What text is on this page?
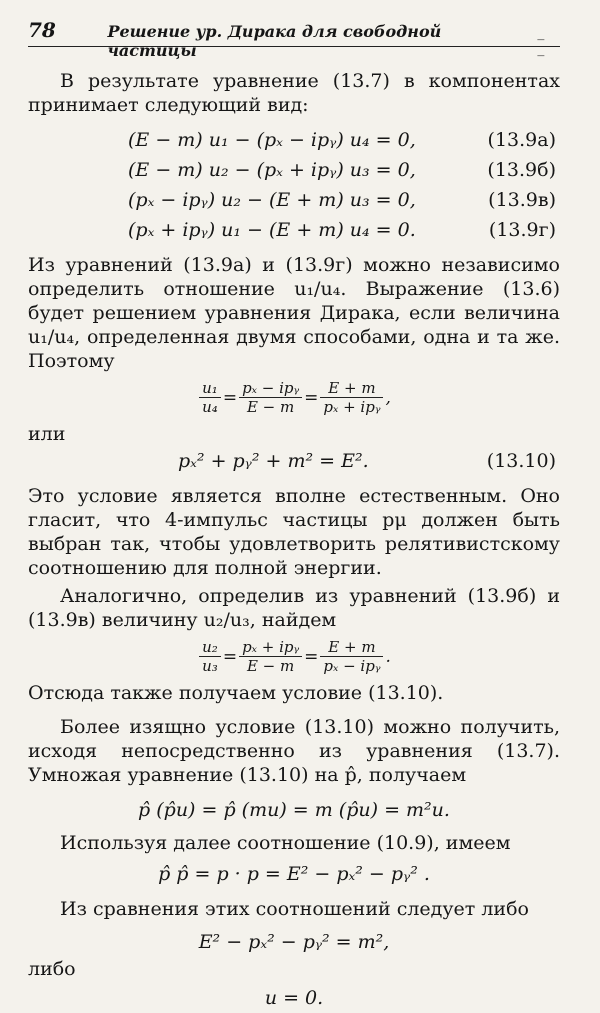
78	Решение ур. Дирака для свободной частицы
_ _

В результате уравнение (13.7) в компонентах принимает следующий вид:

(E − m) u₁ − (pₓ − ipᵧ) u₄ = 0,	(13.9а)
(E − m) u₂ − (pₓ + ipᵧ) u₃ = 0,	(13.9б)
(pₓ − ipᵧ) u₂ − (E + m) u₃ = 0,	(13.9в)
(pₓ + ipᵧ) u₁ − (E + m) u₄ = 0.	(13.9г)

Из уравнений (13.9а) и (13.9г) можно независимо определить отношение u₁/u₄. Выражение (13.6) будет решением уравнения Дирака, если величина u₁/u₄, определенная двумя способами, одна и та же. Поэтому

$\frac{\text{u₁}}{\text{u₄}} = \frac{\text{pₓ − ipᵧ}}{E - m} = \frac{E + m}{\text{pₓ + ipᵧ}}$ ,

или

pₓ² + pᵧ² + m² = E².	(13.10)

Это условие является вполне естественным. Оно гласит, что 4-импульс частицы pμ должен быть выбран так, чтобы удовлетворить релятивистскому соотношению для полной энергии.

Аналогично, определив из уравнений (13.9б) и (13.9в) величину u₂/u₃, найдем

$\frac{\text{u₂}}{\text{u₃}} = \frac{\text{pₓ + ipᵧ}}{E - m} = \frac{E + m}{\text{pₓ − ipᵧ}}$ .

Отсюда также получаем условие (13.10).

Более изящно условие (13.10) можно получить, исходя непосредственно из уравнения (13.7). Умножая уравнение (13.10) на p̂, получаем

p̂ (p̂u) = p̂ (mu) = m (p̂u) = m²u.

Используя далее соотношение (10.9), имеем

p̂ p̂ = p · p = E² − pₓ² − pᵧ² .

Из сравнения этих соотношений следует либо

E² − pₓ² − pᵧ² = m²,

либо

u = 0.
